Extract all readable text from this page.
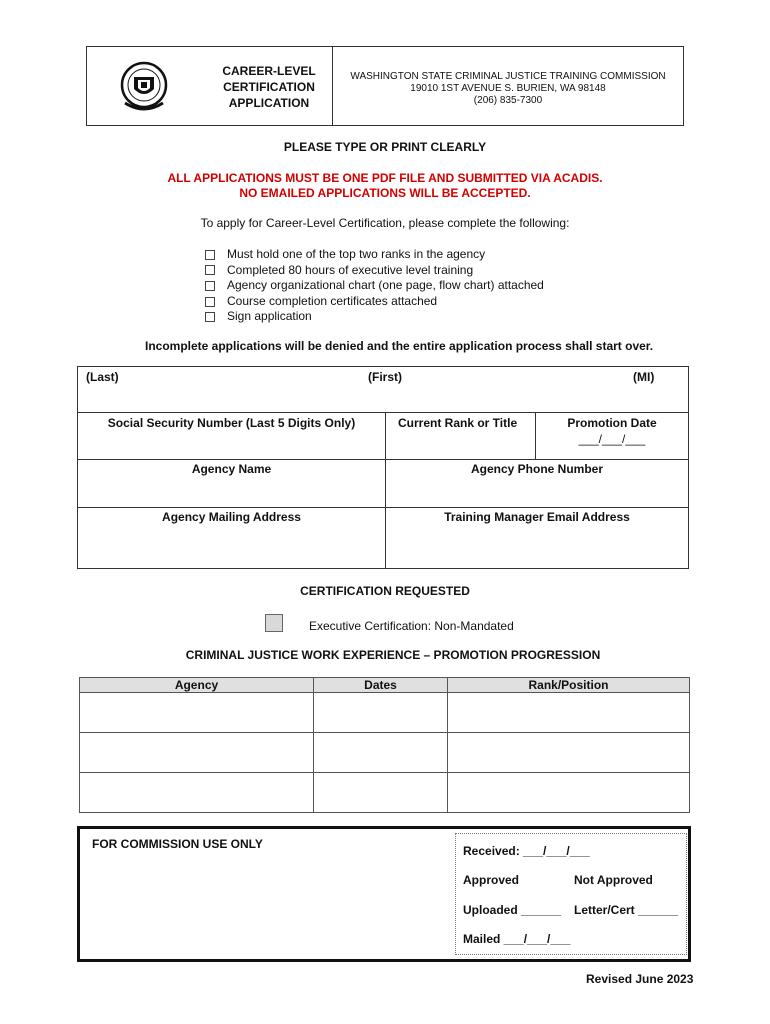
CAREER-LEVEL
CERTIFICATION
APPLICATION
WASHINGTON STATE CRIMINAL JUSTICE TRAINING COMMISSION
19010 1ST AVENUE S. BURIEN, WA 98148
(206) 835-7300
PLEASE TYPE OR PRINT CLEARLY
ALL APPLICATIONS MUST BE ONE PDF FILE AND SUBMITTED VIA ACADIS.
NO EMAILED APPLICATIONS WILL BE ACCEPTED.
To apply for Career-Level Certification, please complete the following:
Must hold one of the top two ranks in the agency
Completed 80 hours of executive level training
Agency organizational chart (one page, flow chart) attached
Course completion certificates attached
Sign application
Incomplete applications will be denied and the entire application process shall start over.
(Last)	(First)	(MI)
Social Security Number (Last 5 Digits Only)	Current Rank or Title	Promotion Date
___/___/___
Agency Name	Agency Phone Number
Agency Mailing Address	Training Manager Email Address
CERTIFICATION REQUESTED
Executive Certification: Non-Mandated
CRIMINAL JUSTICE WORK EXPERIENCE – PROMOTION PROGRESSION
Agency	Dates	Rank/Position

FOR COMMISSION USE ONLY	Received: ___/___/___
Approved	Not Approved
Uploaded ______ Letter/Cert ______
Mailed ___/___/___
Revised June 2023
